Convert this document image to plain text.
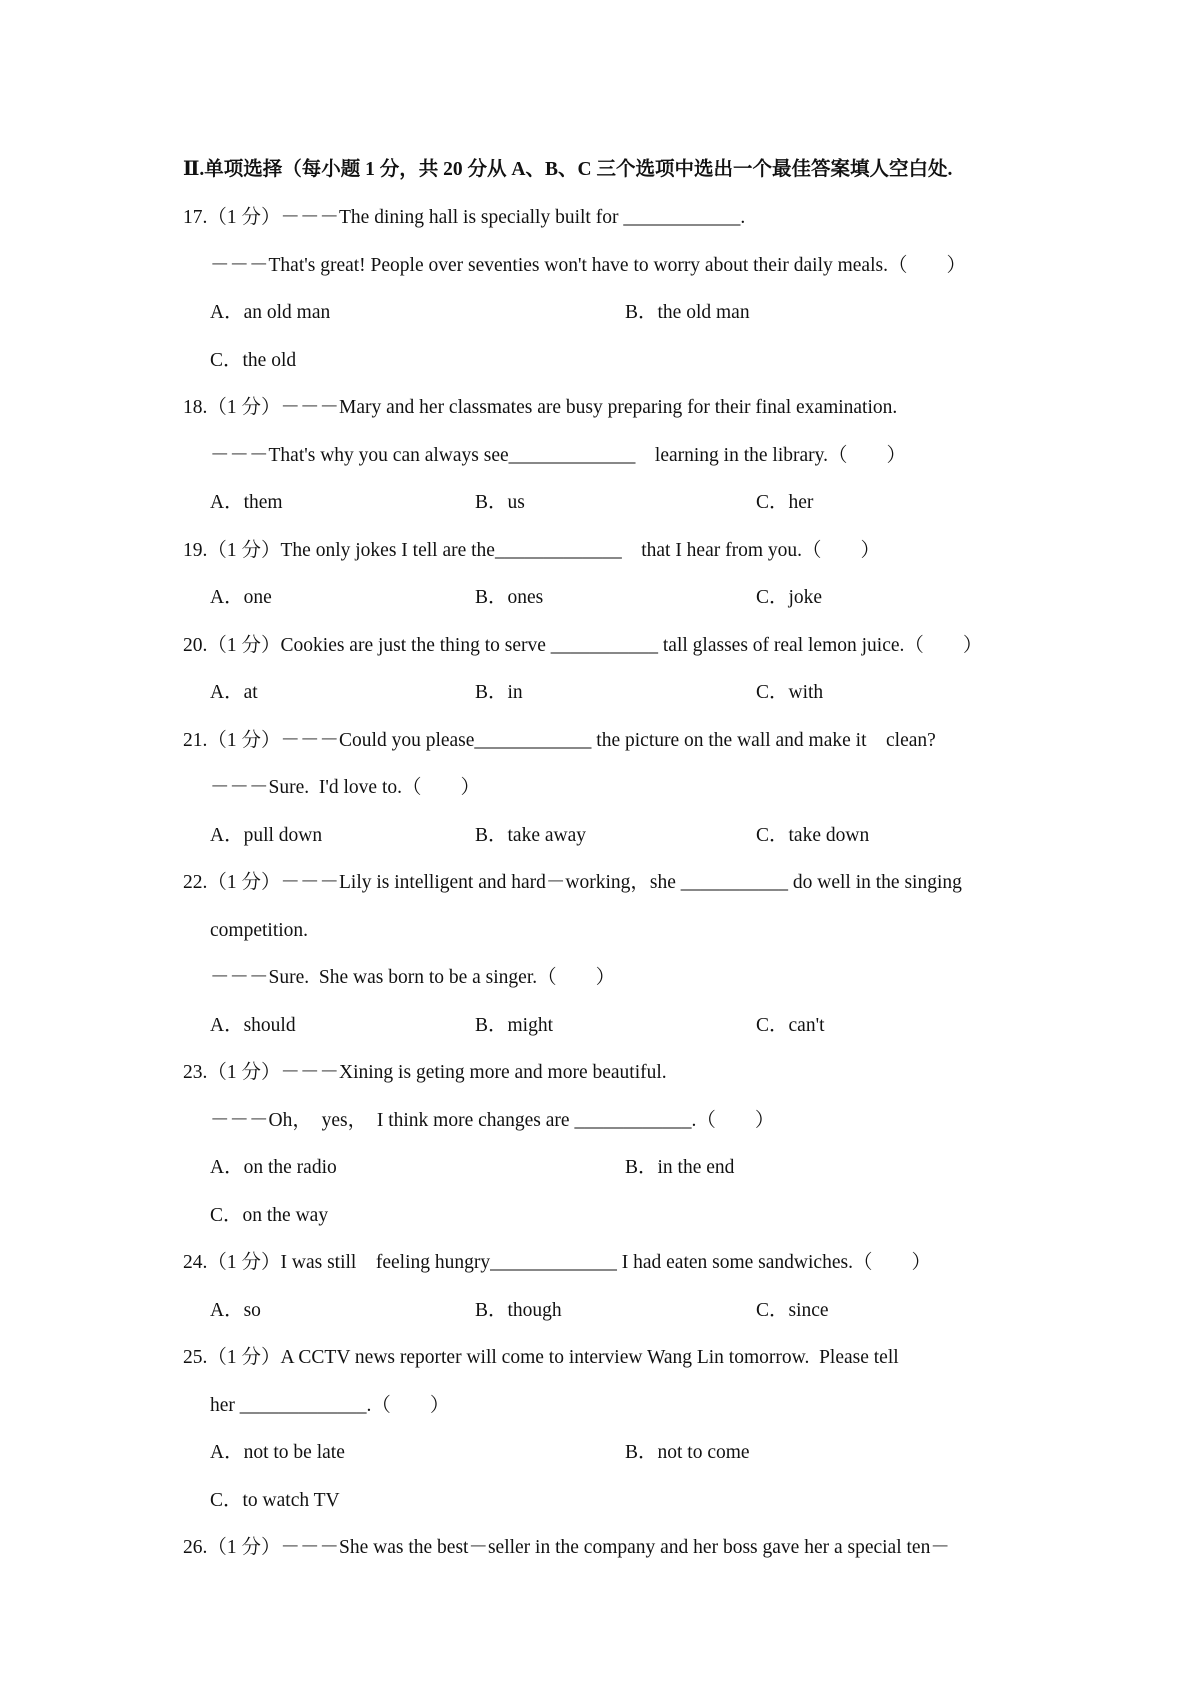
Ⅱ.单项选择（每小题 1 分，共 20 分从 A、B、C 三个选项中选出一个最佳答案填人空白处.
17.（1 分）－－－The dining hall is specially built for ____________.
－－－That's great! People over seventies won't have to worry about their daily meals.（　　）
A．an old man	B．the old man
C．the old
18.（1 分）－－－Mary and her classmates are busy preparing for their final examination.
－－－That's why you can always see_____________　learning in the library.（　　）
A．them	B．us	C．her
19.（1 分）The only jokes I tell are the_____________　that I hear from you.（　　）
A．one	B．ones	C．joke
20.（1 分）Cookies are just the thing to serve ___________ tall glasses of real lemon juice.（　　）
A．at	B．in	C．with
21.（1 分）－－－Could you please____________ the picture on the wall and make it　clean?
－－－Sure.  I'd love to.（　　）
A．pull down	B．take away	C．take down
22.（1 分）－－－Lily is intelligent and hard－working，she ___________ do well in the singing
competition.
－－－Sure.  She was born to be a singer.（　　）
A．should	B．might	C．can't
23.（1 分）－－－Xining is geting more and more beautiful.
－－－Oh，  yes，  I think more changes are ____________.（　　）
A．on the radio	B．in the end
C．on the way
24.（1 分）I was still　feeling hungry_____________ I had eaten some sandwiches.（　　）
A．so	B．though	C．since
25.（1 分）A CCTV news reporter will come to interview Wang Lin tomorrow.  Please tell
her _____________.（　　）
A．not to be late	B．not to come
C．to watch TV
26.（1 分）－－－She was the best－seller in the company and her boss gave her a special ten－
